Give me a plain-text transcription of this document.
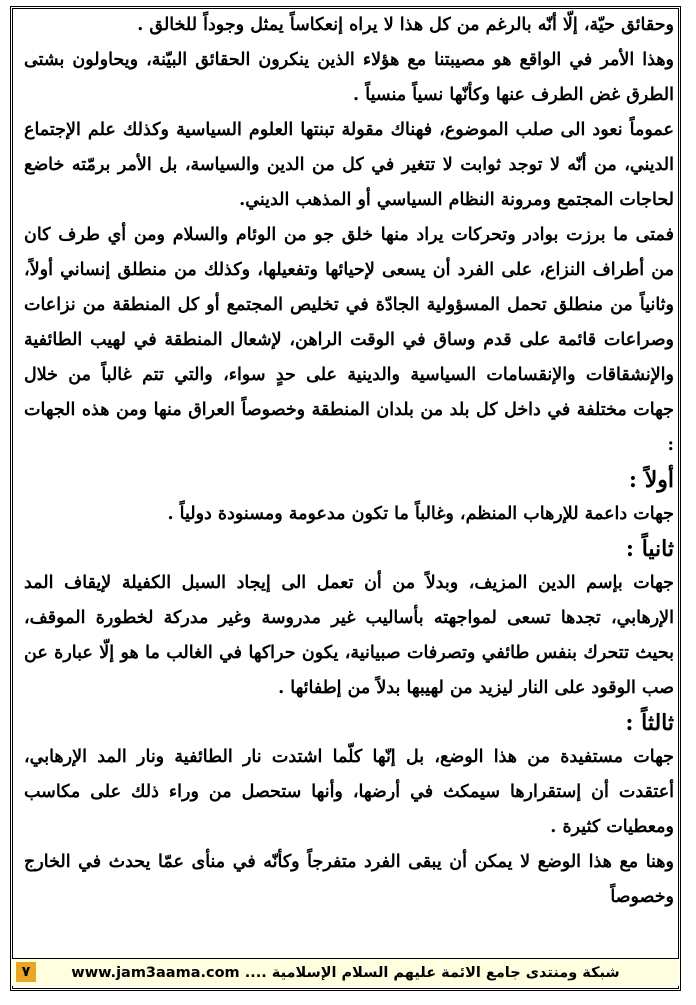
وحقائق حيّة، إلّا أنّه بالرغم من كل هذا لا يراه إنعكاساً يمثل وجوداً للخالق .

وهذا الأمر في الواقع هو مصيبتنا مع هؤلاء الذين ينكرون الحقائق البيّنة، ويحاولون بشتى الطرق غض الطرف عنها وكأنّها نسياً منسياً .

عموماً نعود الى صلب الموضوع، فهناك مقولة تبنتها العلوم السياسية وكذلك علم الإجتماع الديني، من أنّه لا توجد ثوابت لا تتغير في كل من الدين والسياسة، بل الأمر برمّته خاضع لحاجات المجتمع ومرونة النظام السياسي أو المذهب الديني.

فمتى ما برزت بوادر وتحركات يراد منها خلق جو من الوئام والسلام ومن أي طرف كان من أطراف النزاع، على الفرد أن يسعى لإحيائها وتفعيلها، وكذلك من منطلق إنساني أولاً، وثانياً من منطلق تحمل المسؤولية الجادّة في تخليص المجتمع أو كل المنطقة من نزاعات وصراعات قائمة على قدم وساق في الوقت الراهن، لإشعال المنطقة في لهيب الطائفية والإنشقاقات والإنقسامات السياسية والدينية على حدٍ سواء، والتي تتم غالباً من خلال جهات مختلفة في داخل كل بلد من بلدان المنطقة وخصوصاً العراق منها ومن هذه الجهات :

أولاً :

جهات داعمة للإرهاب المنظم، وغالباً ما تكون مدعومة ومسنودة دولياً .

ثانياً :

جهات بإسم الدين المزيف، وبدلاً من أن تعمل الى إيجاد السبل الكفيلة لإيقاف المد الإرهابي، تجدها تسعى لمواجهته بأساليب غير مدروسة وغير مدركة لخطورة الموقف، بحيث تتحرك بنفس طائفي وتصرفات صبيانية، يكون حراكها في الغالب ما هو إلّا عبارة عن صب الوقود على النار ليزيد من لهيبها بدلاً من إطفائها .

ثالثاً :

جهات مستفيدة من هذا الوضع، بل إنّها كلّما اشتدت نار الطائفية ونار المد الإرهابي، أعتقدت أن إستقرارها سيمكث في أرضها، وأنها ستحصل من وراء ذلك على مكاسب ومعطيات كثيرة .

وهنا مع هذا الوضع لا يمكن أن يبقى الفرد متفرجاً وكأنّه في منأى عمّا يحدث في الخارج وخصوصاً

شبكة ومنتدى جامع الائمة عليهم السلام الإسلامية .... www.jam3aama.com
٧
